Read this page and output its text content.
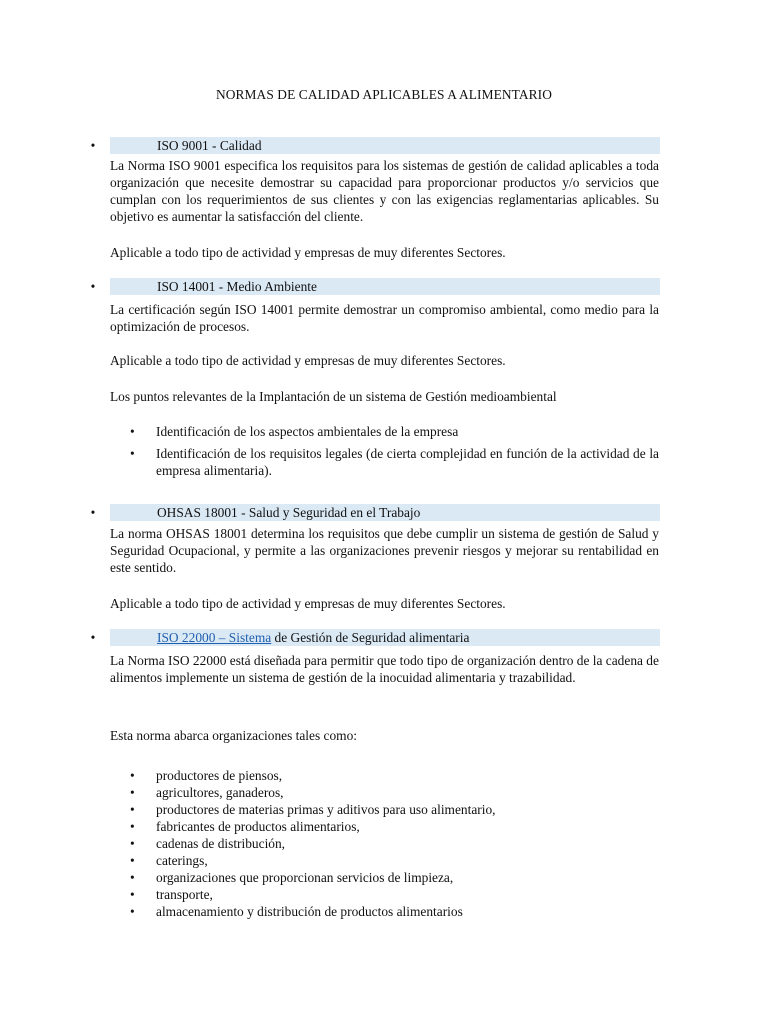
NORMAS DE CALIDAD APLICABLES A ALIMENTARIO
•	ISO 9001 - Calidad

La Norma ISO 9001 especifica los requisitos para los sistemas de gestión de calidad aplicables a toda organización que necesite demostrar su capacidad para proporcionar productos y/o servicios que cumplan con los requerimientos de sus clientes y con las exigencias reglamentarias aplicables. Su objetivo es aumentar la satisfacción del cliente.

Aplicable a todo tipo de actividad y empresas de muy diferentes Sectores.

•	ISO 14001 - Medio Ambiente

La certificación según ISO 14001 permite demostrar un compromiso ambiental, como medio para la optimización de procesos.

Aplicable a todo tipo de actividad y empresas de muy diferentes Sectores.

Los puntos relevantes de la Implantación de un sistema de Gestión medioambiental

• Identificación de los aspectos ambientales de la empresa
• Identificación de los requisitos legales (de cierta complejidad en función de la actividad de la empresa alimentaria).
•	OHSAS 18001 - Salud y Seguridad en el Trabajo

La norma OHSAS 18001 determina los requisitos que debe cumplir un sistema de gestión de Salud y Seguridad Ocupacional, y permite a las organizaciones prevenir riesgos y mejorar su rentabilidad en este sentido.

Aplicable a todo tipo de actividad y empresas de muy diferentes Sectores.

•	ISO 22000 – Sistema de Gestión de Seguridad alimentaria

La Norma ISO 22000 está diseñada para permitir que todo tipo de organización dentro de la cadena de alimentos implemente un sistema de gestión de la inocuidad alimentaria y trazabilidad.

Esta norma abarca organizaciones tales como:

• productores de piensos,
• agricultores, ganaderos,
• productores de materias primas y aditivos para uso alimentario,
• fabricantes de productos alimentarios,
• cadenas de distribución,
• caterings,
• organizaciones que proporcionan servicios de limpieza,
• transporte,
• almacenamiento y distribución de productos alimentarios
